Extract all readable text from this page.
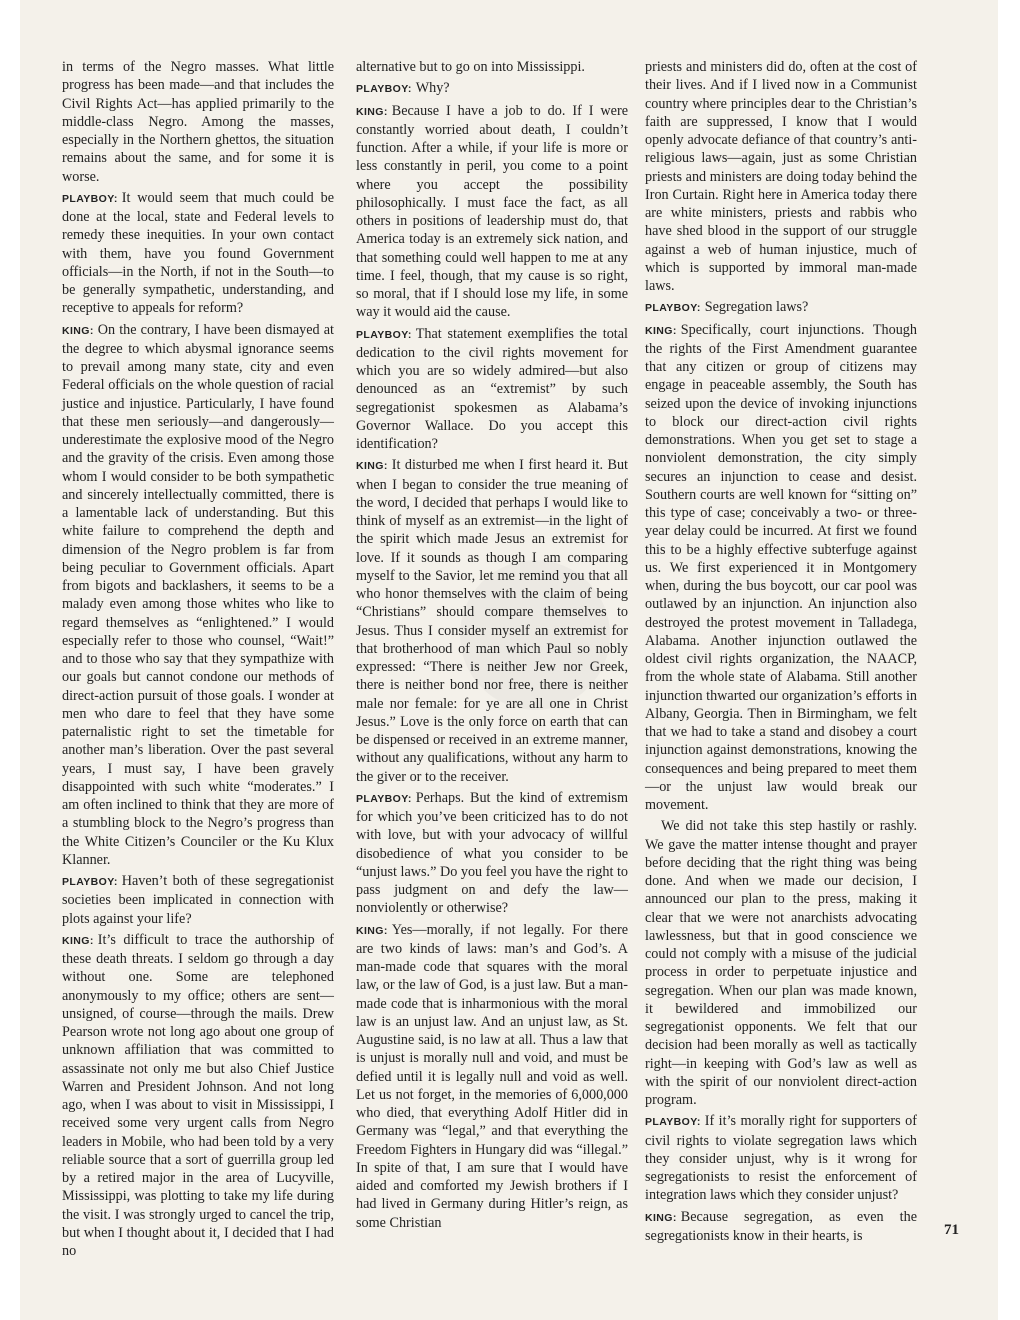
in terms of the Negro masses. What little progress has been made—and that includes the Civil Rights Act—has applied primarily to the middle-class Negro. Among the masses, especially in the Northern ghettos, the situation remains about the same, and for some it is worse.

PLAYBOY: It would seem that much could be done at the local, state and Federal levels to remedy these inequities. In your own contact with them, have you found Government officials—in the North, if not in the South—to be generally sympathetic, understanding, and receptive to appeals for reform?

KING: On the contrary, I have been dismayed at the degree to which abysmal ignorance seems to prevail among many state, city and even Federal officials on the whole question of racial justice and injustice. Particularly, I have found that these men seriously—and dangerously—underestimate the explosive mood of the Negro and the gravity of the crisis. Even among those whom I would consider to be both sympathetic and sincerely intellectually committed, there is a lamentable lack of understanding. But this white failure to comprehend the depth and dimension of the Negro problem is far from being peculiar to Government officials. Apart from bigots and backlashers, it seems to be a malady even among those whites who like to regard themselves as “enlightened.” I would especially refer to those who counsel, “Wait!” and to those who say that they sympathize with our goals but cannot condone our methods of direct-action pursuit of those goals. I wonder at men who dare to feel that they have some paternalistic right to set the timetable for another man’s liberation. Over the past several years, I must say, I have been gravely disappointed with such white “moderates.” I am often inclined to think that they are more of a stumbling block to the Negro’s progress than the White Citizen’s Counciler or the Ku Klux Klanner.

PLAYBOY: Haven’t both of these segregationist societies been implicated in connection with plots against your life?

KING: It’s difficult to trace the authorship of these death threats. I seldom go through a day without one. Some are telephoned anonymously to my office; others are sent—unsigned, of course—through the mails. Drew Pearson wrote not long ago about one group of unknown affiliation that was committed to assassinate not only me but also Chief Justice Warren and President Johnson. And not long ago, when I was about to visit in Mississippi, I received some very urgent calls from Negro leaders in Mobile, who had been told by a very reliable source that a sort of guerrilla group led by a retired major in the area of Lucyville, Mississippi, was plotting to take my life during the visit. I was strongly urged to cancel the trip, but when I thought about it, I decided that I had no

alternative but to go on into Mississippi.

PLAYBOY: Why?

KING: Because I have a job to do. If I were constantly worried about death, I couldn’t function. After a while, if your life is more or less constantly in peril, you come to a point where you accept the possibility philosophically. I must face the fact, as all others in positions of leadership must do, that America today is an extremely sick nation, and that something could well happen to me at any time. I feel, though, that my cause is so right, so moral, that if I should lose my life, in some way it would aid the cause.

PLAYBOY: That statement exemplifies the total dedication to the civil rights movement for which you are so widely admired—but also denounced as an “extremist” by such segregationist spokesmen as Alabama’s Governor Wallace. Do you accept this identification?

KING: It disturbed me when I first heard it. But when I began to consider the true meaning of the word, I decided that perhaps I would like to think of myself as an extremist—in the light of the spirit which made Jesus an extremist for love. If it sounds as though I am comparing myself to the Savior, let me remind you that all who honor themselves with the claim of being “Christians” should compare themselves to Jesus. Thus I consider myself an extremist for that brotherhood of man which Paul so nobly expressed: “There is neither Jew nor Greek, there is neither bond nor free, there is neither male nor female: for ye are all one in Christ Jesus.” Love is the only force on earth that can be dispensed or received in an extreme manner, without any qualifications, without any harm to the giver or to the receiver.

PLAYBOY: Perhaps. But the kind of extremism for which you’ve been criticized has to do not with love, but with your advocacy of willful disobedience of what you consider to be “unjust laws.” Do you feel you have the right to pass judgment on and defy the law—nonviolently or otherwise?

KING: Yes—morally, if not legally. For there are two kinds of laws: man’s and God’s. A man-made code that squares with the moral law, or the law of God, is a just law. But a man-made code that is inharmonious with the moral law is an unjust law. And an unjust law, as St. Augustine said, is no law at all. Thus a law that is unjust is morally null and void, and must be defied until it is legally null and void as well. Let us not forget, in the memories of 6,000,000 who died, that everything Adolf Hitler did in Germany was “legal,” and that everything the Freedom Fighters in Hungary did was “illegal.” In spite of that, I am sure that I would have aided and comforted my Jewish brothers if I had lived in Germany during Hitler’s reign, as some Christian

priests and ministers did do, often at the cost of their lives. And if I lived now in a Communist country where principles dear to the Christian’s faith are suppressed, I know that I would openly advocate defiance of that country’s anti-religious laws—again, just as some Christian priests and ministers are doing today behind the Iron Curtain. Right here in America today there are white ministers, priests and rabbis who have shed blood in the support of our struggle against a web of human injustice, much of which is supported by immoral man-made laws.

PLAYBOY: Segregation laws?

KING: Specifically, court injunctions. Though the rights of the First Amendment guarantee that any citizen or group of citizens may engage in peaceable assembly, the South has seized upon the device of invoking injunctions to block our direct-action civil rights demonstrations. When you get set to stage a nonviolent demonstration, the city simply secures an injunction to cease and desist. Southern courts are well known for “sitting on” this type of case; conceivably a two- or three-year delay could be incurred. At first we found this to be a highly effective subterfuge against us. We first experienced it in Montgomery when, during the bus boycott, our car pool was outlawed by an injunction. An injunction also destroyed the protest movement in Talladega, Alabama. Another injunction outlawed the oldest civil rights organization, the NAACP, from the whole state of Alabama. Still another injunction thwarted our organization’s efforts in Albany, Georgia. Then in Birmingham, we felt that we had to take a stand and disobey a court injunction against demonstrations, knowing the consequences and being prepared to meet them—or the unjust law would break our movement.

We did not take this step hastily or rashly. We gave the matter intense thought and prayer before deciding that the right thing was being done. And when we made our decision, I announced our plan to the press, making it clear that we were not anarchists advocating lawlessness, but that in good conscience we could not comply with a misuse of the judicial process in order to perpetuate injustice and segregation. When our plan was made known, it bewildered and immobilized our segregationist opponents. We felt that our decision had been morally as well as tactically right—in keeping with God’s law as well as with the spirit of our nonviolent direct-action program.

PLAYBOY: If it’s morally right for supporters of civil rights to violate segregation laws which they consider unjust, why is it wrong for segregationists to resist the enforcement of integration laws which they consider unjust?

KING: Because segregation, as even the segregationists know in their hearts, is	71
